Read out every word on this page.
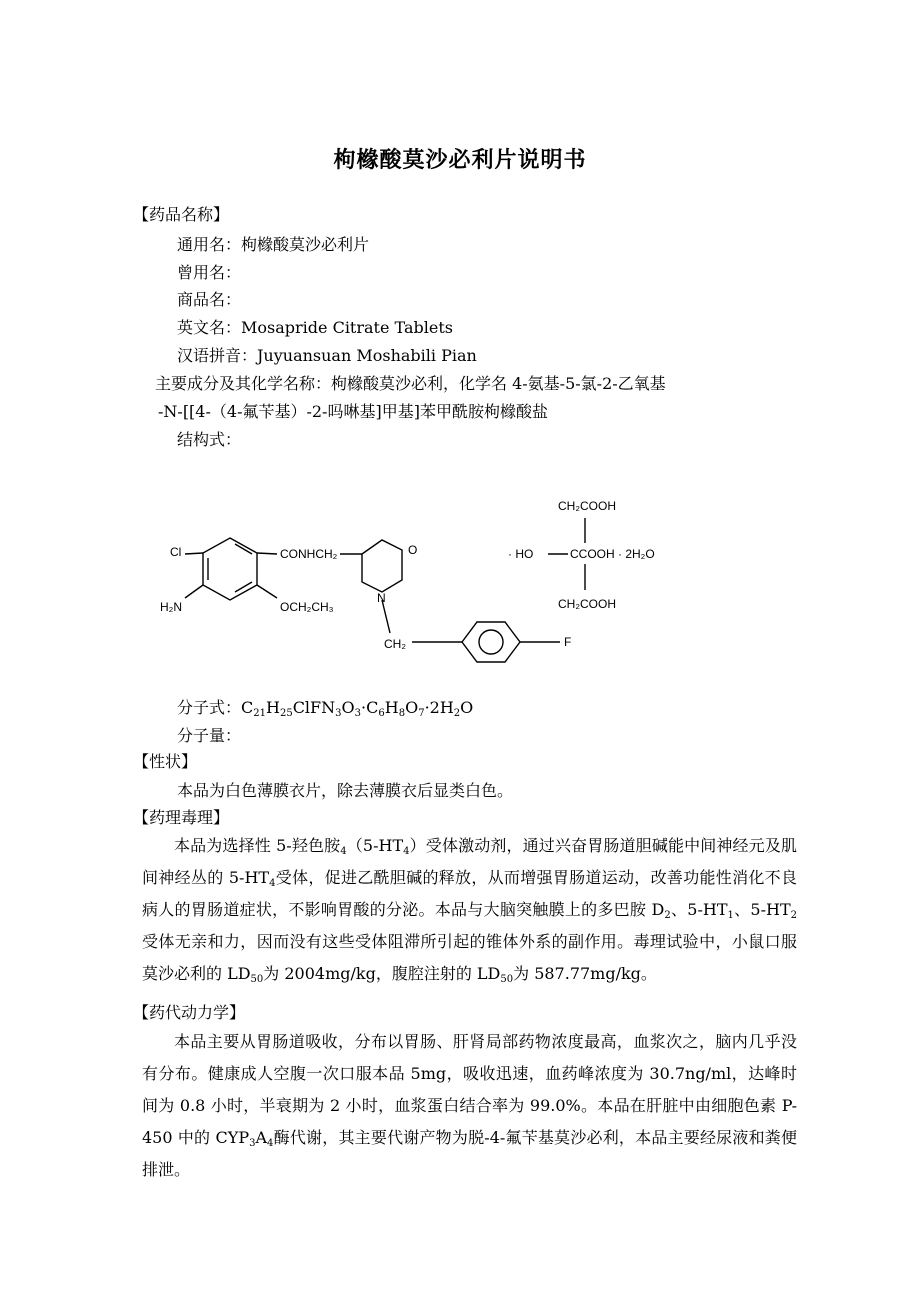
枸橼酸莫沙必利片说明书
【药品名称】
通用名：枸橼酸莫沙必利片
曾用名：
商品名：
英文名：Mosapride Citrate Tablets
汉语拼音：Juyuansuan Moshabili Pian
主要成分及其化学名称：枸橼酸莫沙必利，化学名 4-氨基-5-氯-2-乙氧基
-N-[[4-（4-氟苄基）-2-吗啉基]甲基]苯甲酰胺枸橼酸盐
结构式：
Cl
H₂N
CONHCH₂
OCH₂CH₃
O
N
CH₂	F
· HO	CCOOH · 2H₂O
CH₂COOH
CH₂COOH
分子式：$C_{21}H_{25}ClFN_3O_3\cdot C_6H_8O_7\cdot 2H_2O$
分子量：
【性状】
本品为白色薄膜衣片，除去薄膜衣后显类白色。
【药理毒理】
本品为选择性 5-羟色胺$_4(5-HT_4)$受体激动剂，通过兴奋胃肠道胆碱能中间神经元及肌间神经丛的 $5-HT_4$受体，促进乙酰胆碱的释放，从而增强胃肠道运动，改善功能性消化不良病人的胃肠道症状，不影响胃酸的分泌。本品与大脑突触膜上的多巴胺 $D_2$、$5-HT_1$、$5-HT_2$受体无亲和力，因而没有这些受体阻滞所引起的锥体外系的副作用。毒理试验中，小鼠口服莫沙必利的 $LD_{50}$为 2004mg/kg，腹腔注射的 $LD_{50}$为 587.77mg/kg。
【药代动力学】
本品主要从胃肠道吸收，分布以胃肠、肝肾局部药物浓度最高，血浆次之，脑内几乎没有分布。健康成人空腹一次口服本品 5mg，吸收迅速，血药峰浓度为 30.7ng/ml，达峰时间为 0.8 小时，半衰期为 2 小时，血浆蛋白结合率为 99.0%。本品在肝脏中由细胞色素 P-450 中的 $CYP_3A_4$酶代谢，其主要代谢产物为脱-4-氟苄基莫沙必利，本品主要经尿液和粪便排泄。
